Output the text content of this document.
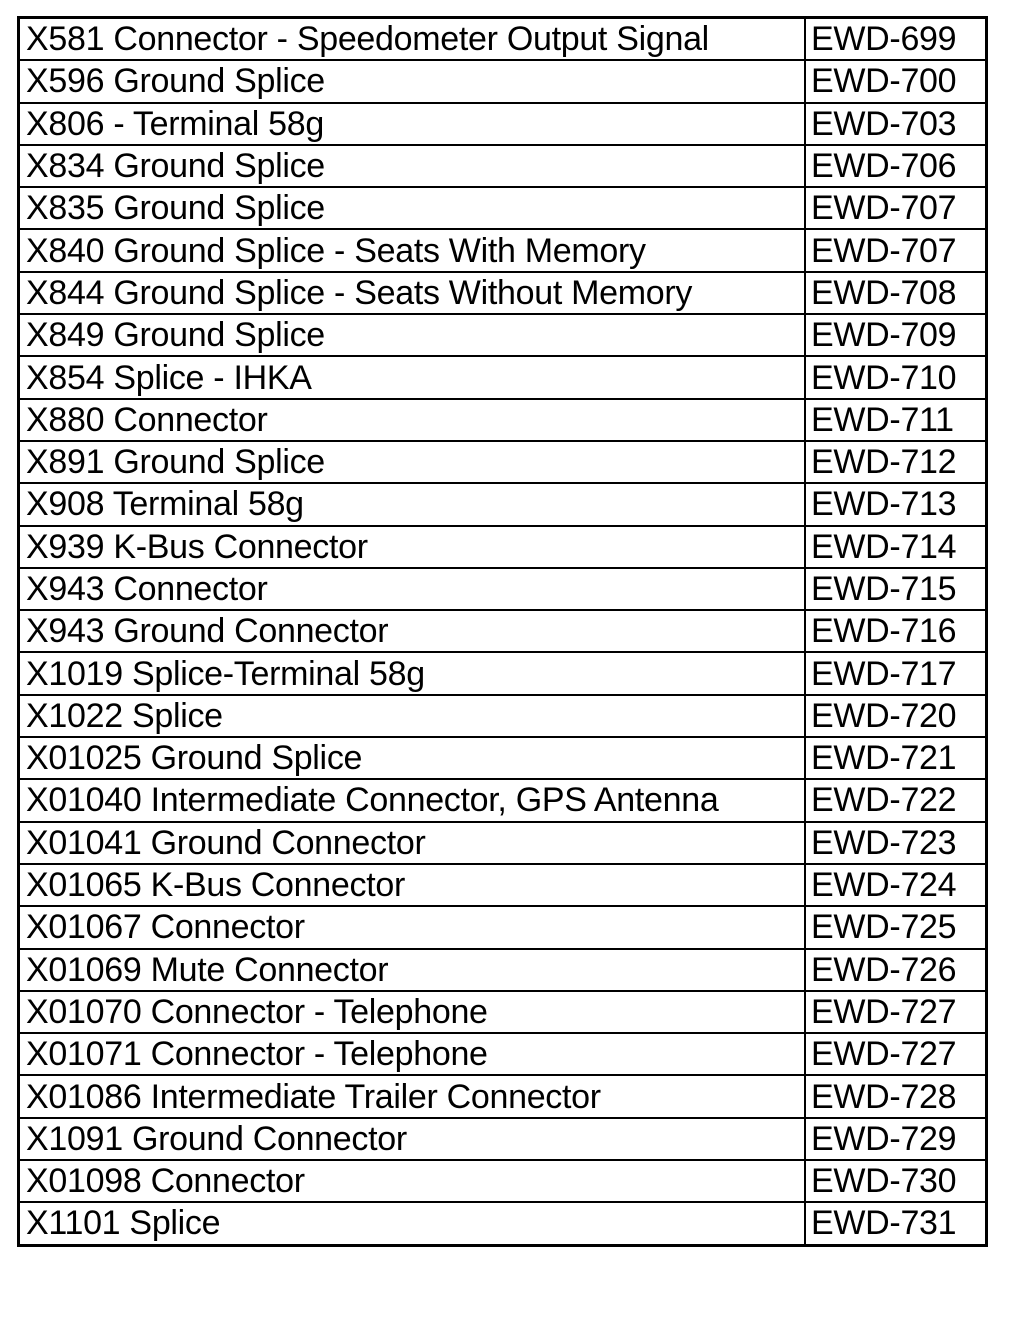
X581 Connector - Speedometer Output Signal	EWD-699
X596 Ground Splice	EWD-700
X806 - Terminal 58g	EWD-703
X834 Ground Splice	EWD-706
X835 Ground Splice	EWD-707
X840 Ground Splice - Seats With Memory	EWD-707
X844 Ground Splice - Seats Without Memory	EWD-708
X849 Ground Splice	EWD-709
X854 Splice - IHKA	EWD-710
X880 Connector	EWD-711
X891 Ground Splice	EWD-712
X908 Terminal 58g	EWD-713
X939 K-Bus Connector	EWD-714
X943 Connector	EWD-715
X943 Ground Connector	EWD-716
X1019 Splice-Terminal 58g	EWD-717
X1022 Splice	EWD-720
X01025 Ground Splice	EWD-721
X01040 Intermediate Connector, GPS Antenna	EWD-722
X01041 Ground Connector	EWD-723
X01065 K-Bus Connector	EWD-724
X01067 Connector	EWD-725
X01069 Mute Connector	EWD-726
X01070 Connector - Telephone	EWD-727
X01071 Connector - Telephone	EWD-727
X01086 Intermediate Trailer Connector	EWD-728
X1091 Ground Connector	EWD-729
X01098 Connector	EWD-730
X1101 Splice	EWD-731
